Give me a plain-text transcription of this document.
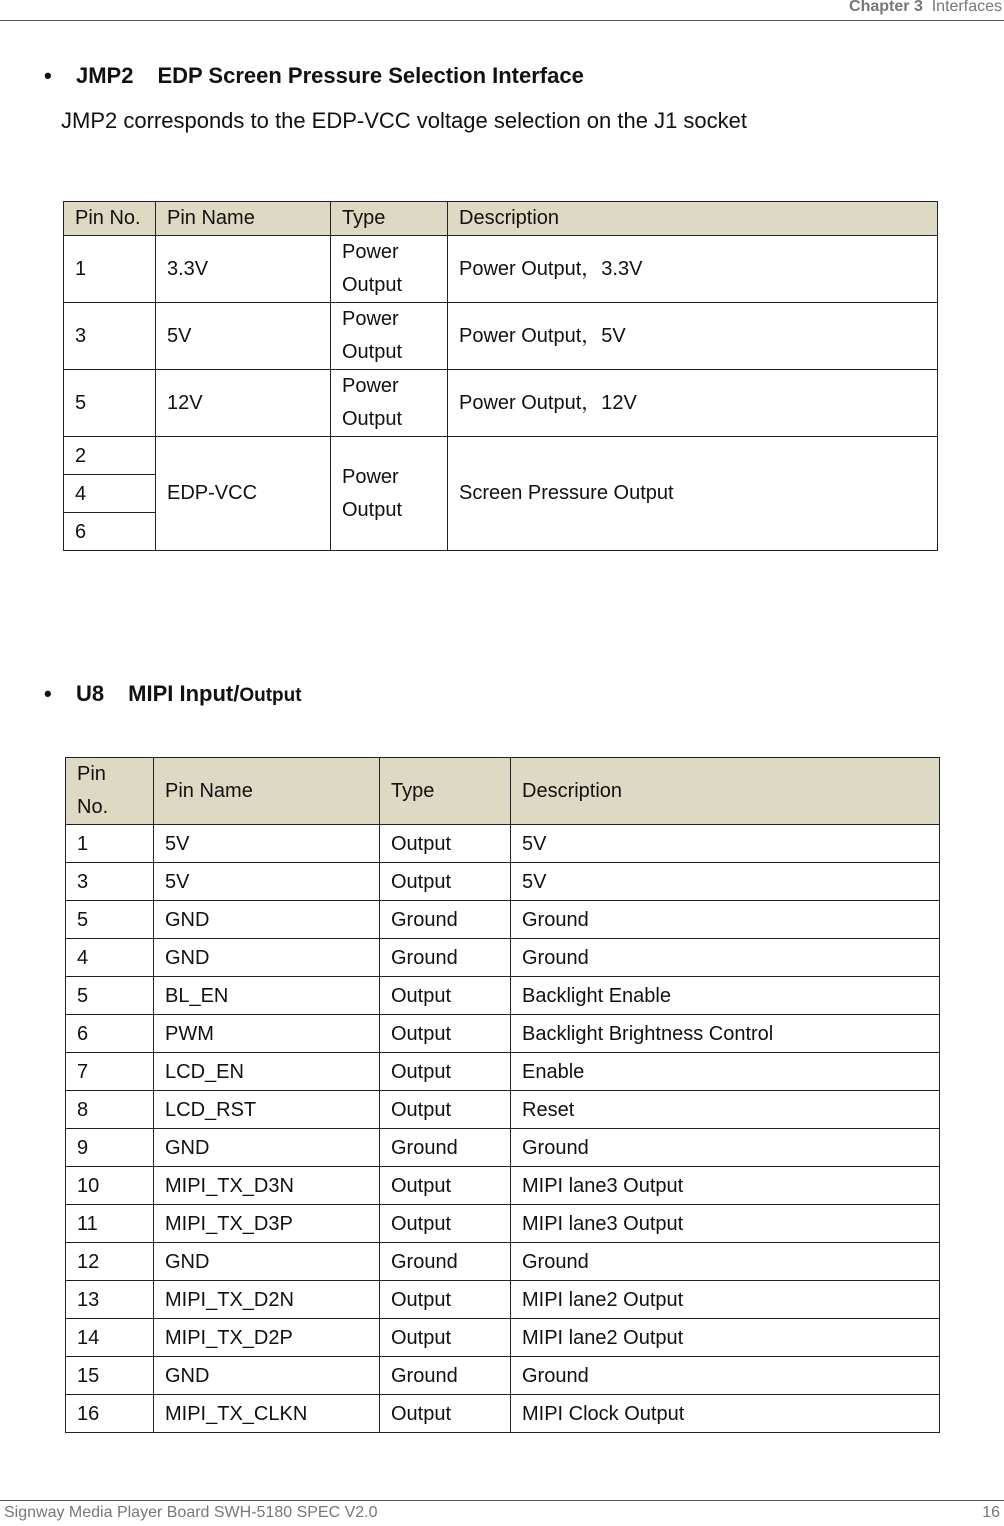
Chapter 3 Interfaces
• JMP2 EDP Screen Pressure Selection Interface
JMP2 corresponds to the EDP-VCC voltage selection on the J1 socket
Pin No.	Pin Name	Type	Description
1	3.3V	Power Output	Power Output，3.3V
3	5V	Power Output	Power Output，5V
5	12V	Power Output	Power Output，12V
2	EDP-VCC	Power Output	Screen Pressure Output
4			
6			
• U8 MIPI Input/Output
Pin No.	Pin Name	Type	Description
1	5V	Output	5V
3	5V	Output	5V
5	GND	Ground	Ground
4	GND	Ground	Ground
5	BL_EN	Output	Backlight Enable
6	PWM	Output	Backlight Brightness Control
7	LCD_EN	Output	Enable
8	LCD_RST	Output	Reset
9	GND	Ground	Ground
10	MIPI_TX_D3N	Output	MIPI lane3 Output
11	MIPI_TX_D3P	Output	MIPI lane3 Output
12	GND	Ground	Ground
13	MIPI_TX_D2N	Output	MIPI lane2 Output
14	MIPI_TX_D2P	Output	MIPI lane2 Output
15	GND	Ground	Ground
16	MIPI_TX_CLKN	Output	MIPI Clock Output
Signway Media Player Board SWH-5180 SPEC V2.0	16
